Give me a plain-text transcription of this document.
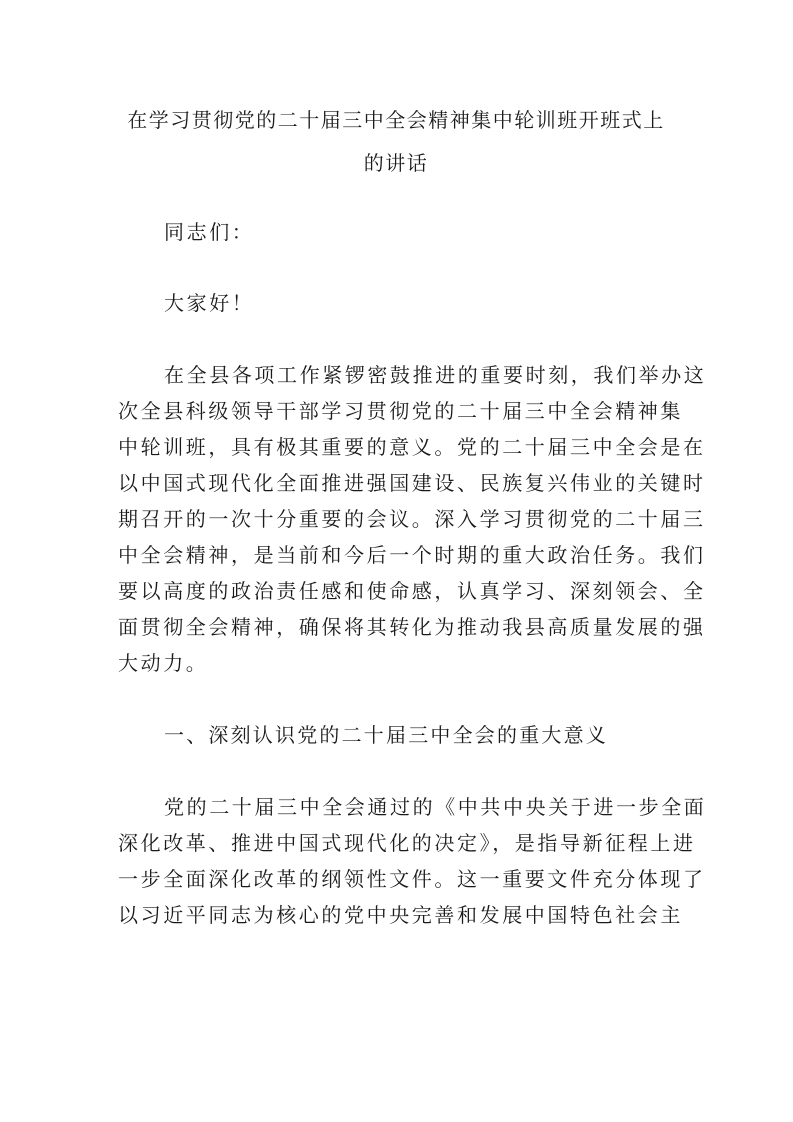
在学习贯彻党的二十届三中全会精神集中轮训班开班式上
的讲话
同志们：
大家好！
在全县各项工作紧锣密鼓推进的重要时刻，我们举办这
次全县科级领导干部学习贯彻党的二十届三中全会精神集
中轮训班，具有极其重要的意义。党的二十届三中全会是在
以中国式现代化全面推进强国建设、民族复兴伟业的关键时
期召开的一次十分重要的会议。深入学习贯彻党的二十届三
中全会精神，是当前和今后一个时期的重大政治任务。我们
要以高度的政治责任感和使命感，认真学习、深刻领会、全
面贯彻全会精神，确保将其转化为推动我县高质量发展的强
大动力。
一、深刻认识党的二十届三中全会的重大意义
党的二十届三中全会通过的《中共中央关于进一步全面
深化改革、推进中国式现代化的决定》，是指导新征程上进
一步全面深化改革的纲领性文件。这一重要文件充分体现了
以习近平同志为核心的党中央完善和发展中国特色社会主
